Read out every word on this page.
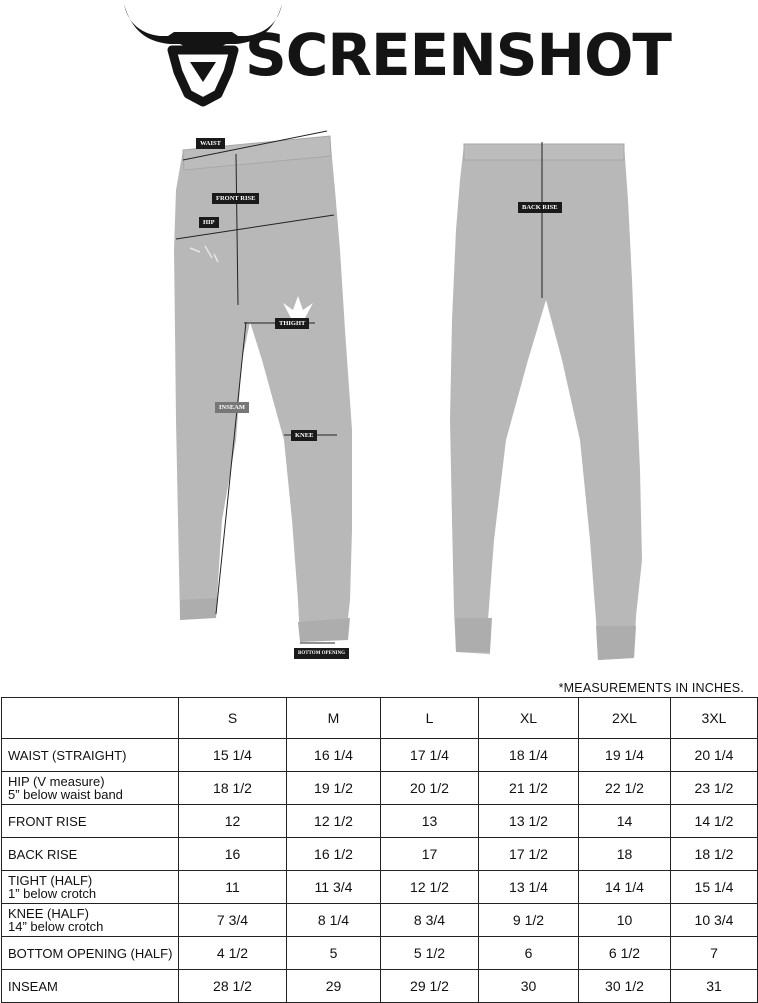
SCREENSHOT
WAIST
FRONT RISE
HIP
THIGHT
INSEAM
KNEE
BOTTOM OPENING
BACK RISE
*MEASUREMENTS IN INCHES.
	S	M	L	XL	2XL	3XL
WAIST (STRAIGHT)	15 1/4	16 1/4	17 1/4	18 1/4	19 1/4	20 1/4
HIP (V measure)
5” below waist band	18 1/2	19 1/2	20 1/2	21 1/2	22 1/2	23 1/2
FRONT RISE	12	12 1/2	13	13 1/2	14	14 1/2
BACK RISE	16	16 1/2	17	17 1/2	18	18 1/2
TIGHT (HALF)
1” below crotch	11	11 3/4	12 1/2	13 1/4	14 1/4	15 1/4
KNEE (HALF)
14” below crotch	7 3/4	8 1/4	8 3/4	9 1/2	10	10 3/4
BOTTOM OPENING (HALF)	4 1/2	5	5 1/2	6	6 1/2	7
INSEAM	28 1/2	29	29 1/2	30	30 1/2	31
